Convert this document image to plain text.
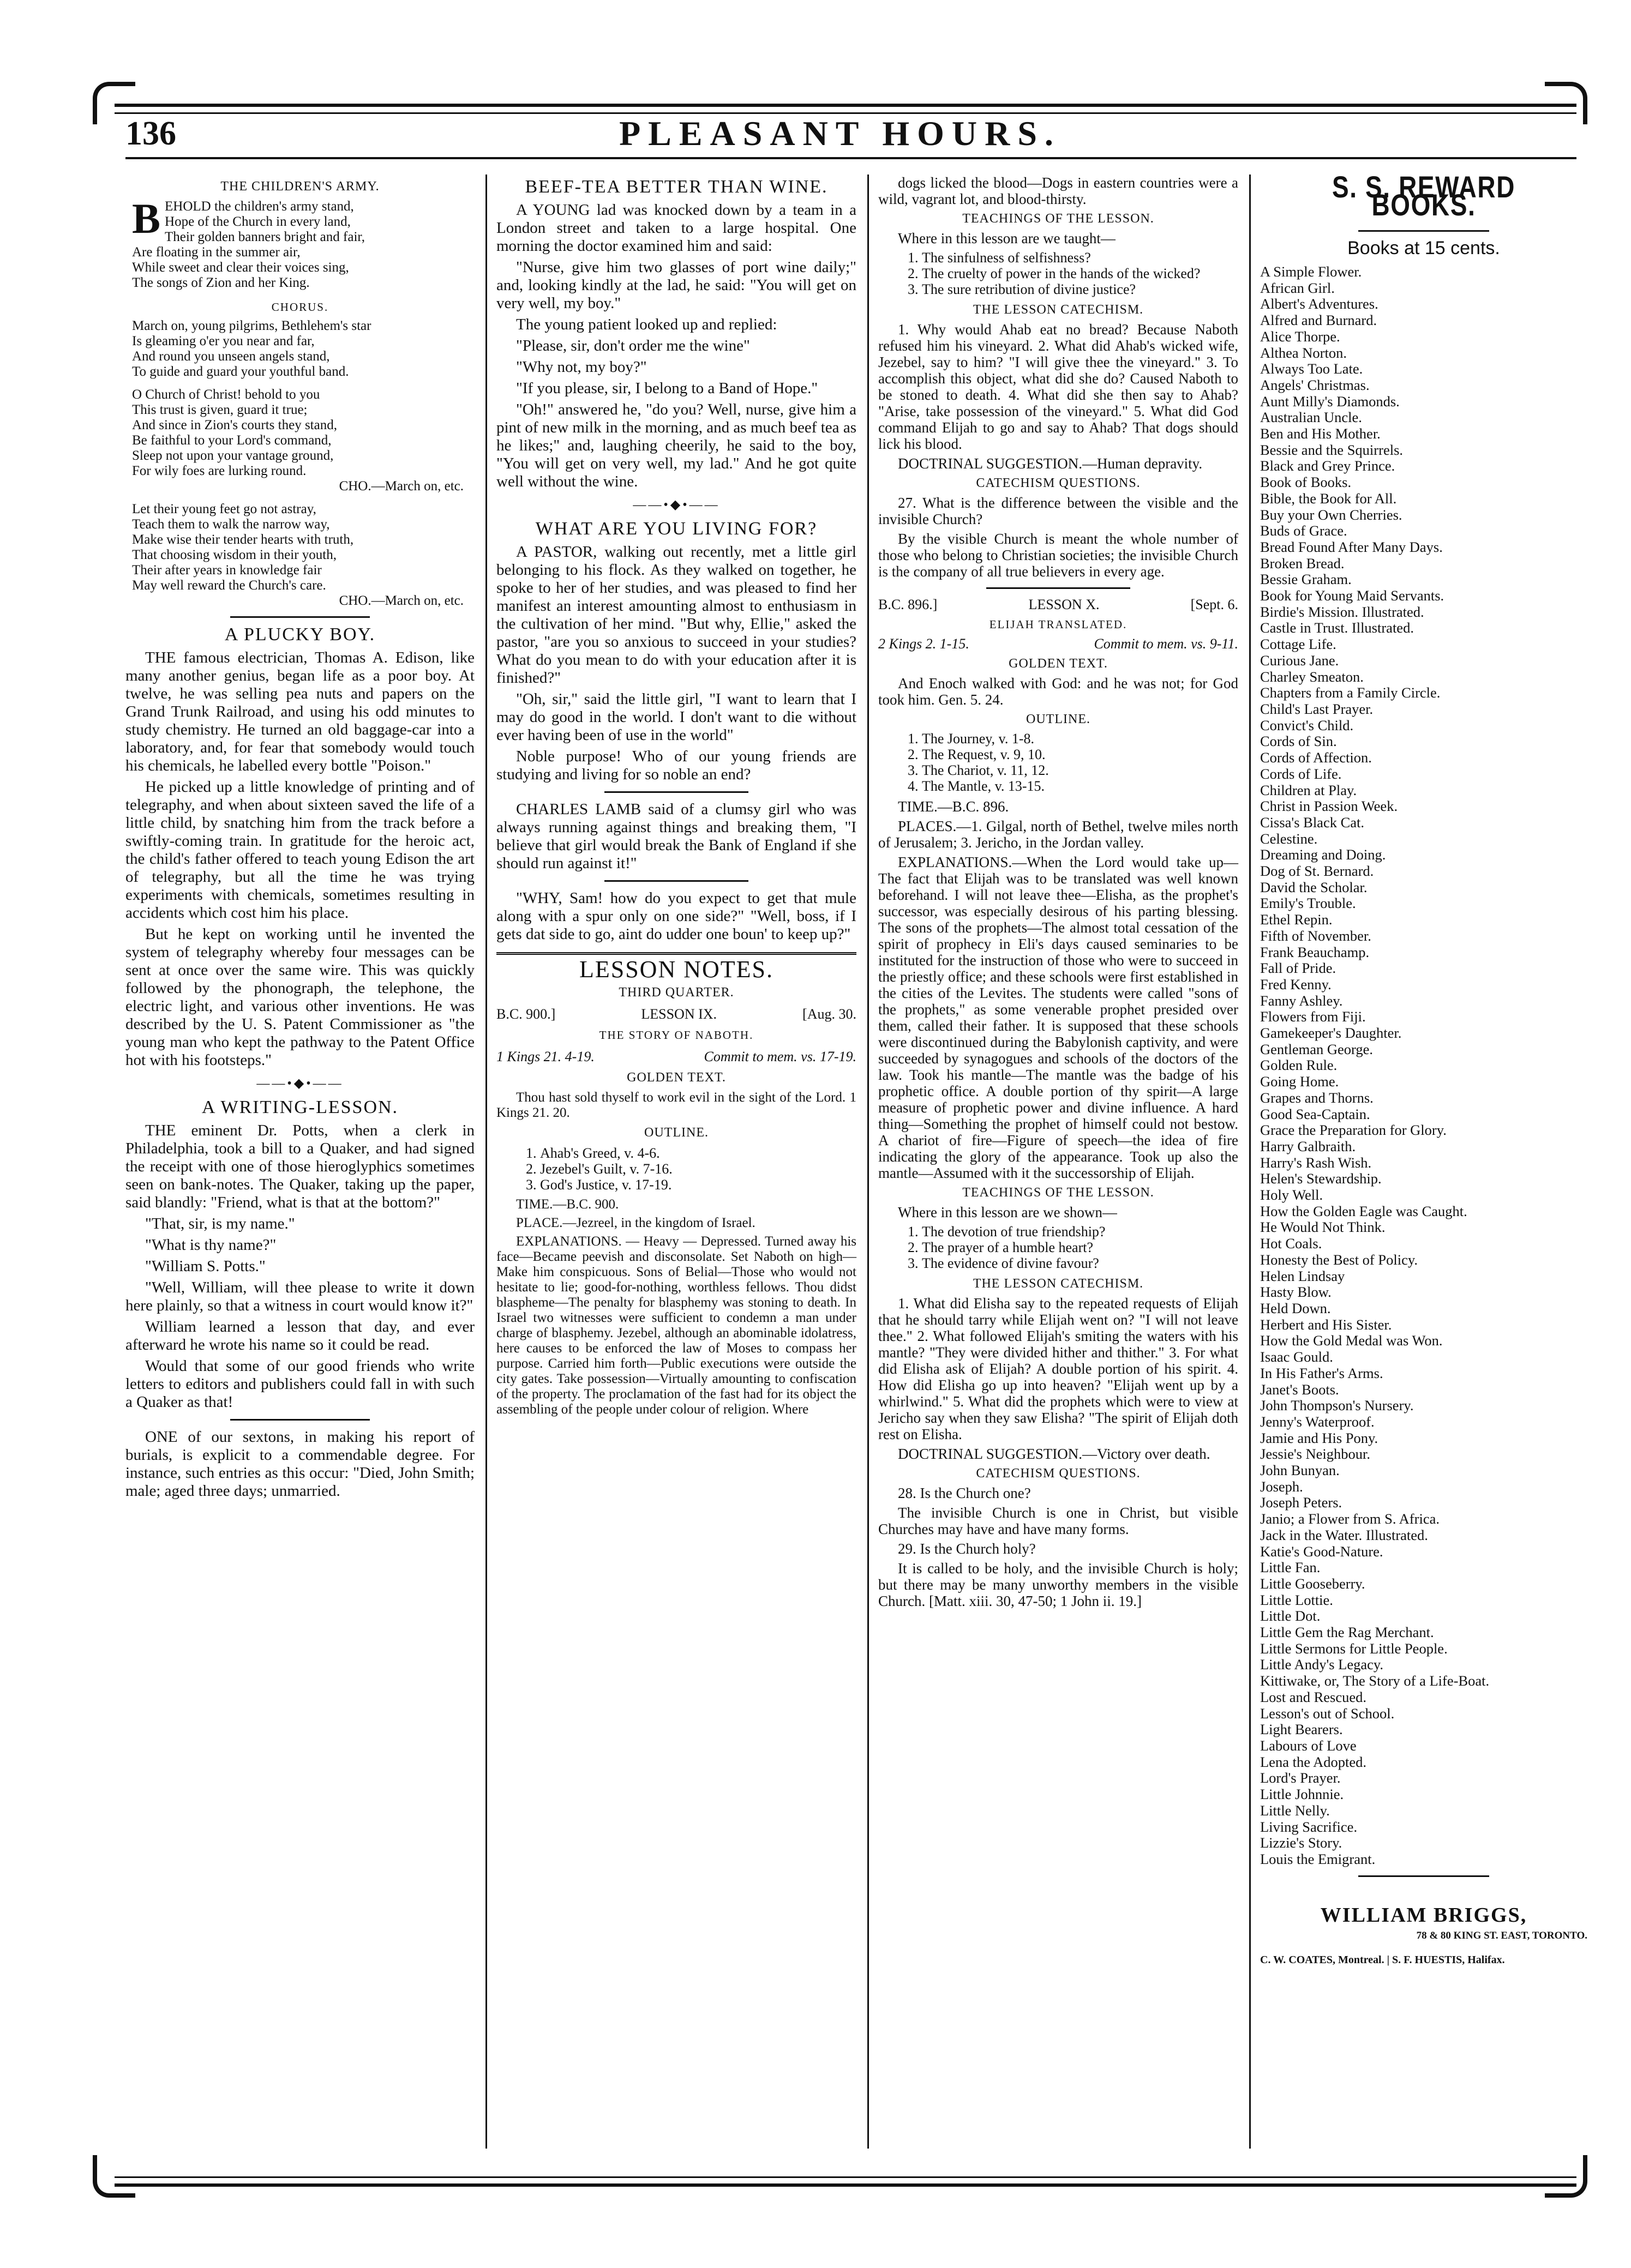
136	PLEASANT HOURS.
THE CHILDREN'S ARMY.
B EHOLD the children's army stand,
Hope of the Church in every land,
Their golden banners bright and fair,
Are floating in the summer air,
While sweet and clear their voices sing,
The songs of Zion and her King.
CHORUS.
March on, young pilgrims, Bethlehem's star
Is gleaming o'er you near and far,
And round you unseen angels stand,
To guide and guard your youthful band.
O Church of Christ! behold to you
This trust is given, guard it true;
And since in Zion's courts they stand,
Be faithful to your Lord's command,
Sleep not upon your vantage ground,
For wily foes are lurking round.
CHO.—March on, etc.
Let their young feet go not astray,
Teach them to walk the narrow way,
Make wise their tender hearts with truth,
That choosing wisdom in their youth,
Their after years in knowledge fair
May well reward the Church's care.
CHO.—March on, etc.
A PLUCKY BOY.

THE famous electrician, Thomas A. Edison, like many another genius, began life as a poor boy. At twelve, he was selling pea nuts and papers on the Grand Trunk Railroad, and using his odd minutes to study chemistry. He turned an old baggage-car into a laboratory, and, for fear that somebody would touch his chemicals, he labelled every bottle "Poison."

He picked up a little knowledge of printing and of telegraphy, and when about sixteen saved the life of a little child, by snatching him from the track before a swiftly-coming train. In gratitude for the heroic act, the child's father offered to teach young Edison the art of telegraphy, but all the time he was trying experiments with chemicals, sometimes resulting in accidents which cost him his place.

But he kept on working until he invented the system of telegraphy whereby four messages can be sent at once over the same wire. This was quickly followed by the phonograph, the telephone, the electric light, and various other inventions. He was described by the U. S. Patent Commissioner as "the young man who kept the pathway to the Patent Office hot with his footsteps."

——•◆•——
A WRITING-LESSON.

THE eminent Dr. Potts, when a clerk in Philadelphia, took a bill to a Quaker, and had signed the receipt with one of those hieroglyphics sometimes seen on bank-notes. The Quaker, taking up the paper, said blandly: "Friend, what is that at the bottom?"

"That, sir, is my name."

"What is thy name?"

"William S. Potts."

"Well, William, will thee please to write it down here plainly, so that a witness in court would know it?"

William learned a lesson that day, and ever afterward he wrote his name so it could be read.

Would that some of our good friends who write letters to editors and publishers could fall in with such a Quaker as that!

ONE of our sextons, in making his report of burials, is explicit to a commendable degree. For instance, such entries as this occur: "Died, John Smith; male; aged three days; unmarried.

BEEF-TEA BETTER THAN WINE.

A YOUNG lad was knocked down by a team in a London street and taken to a large hospital. One morning the doctor examined him and said:

"Nurse, give him two glasses of port wine daily;" and, looking kindly at the lad, he said: "You will get on very well, my boy."

The young patient looked up and replied:

"Please, sir, don't order me the wine"

"Why not, my boy?"

"If you please, sir, I belong to a Band of Hope."

"Oh!" answered he, "do you? Well, nurse, give him a pint of new milk in the morning, and as much beef tea as he likes;" and, laughing cheerily, he said to the boy, "You will get on very well, my lad." And he got quite well without the wine.

——•◆•——
WHAT ARE YOU LIVING FOR?

A PASTOR, walking out recently, met a little girl belonging to his flock. As they walked on together, he spoke to her of her studies, and was pleased to find her manifest an interest amounting almost to enthusiasm in the cultivation of her mind. "But why, Ellie," asked the pastor, "are you so anxious to succeed in your studies? What do you mean to do with your education after it is finished?"

"Oh, sir," said the little girl, "I want to learn that I may do good in the world. I don't want to die without ever having been of use in the world"

Noble purpose! Who of our young friends are studying and living for so noble an end?

CHARLES LAMB said of a clumsy girl who was always running against things and breaking them, "I believe that girl would break the Bank of England if she should run against it!"

"WHY, Sam! how do you expect to get that mule along with a spur only on one side?" "Well, boss, if I gets dat side to go, aint do udder one boun' to keep up?"

LESSON NOTES.
THIRD QUARTER.
B.C. 900.]	LESSON IX.	[Aug. 30.
THE STORY OF NABOTH.
1 Kings 21. 4-19.	Commit to mem. vs. 17-19.
GOLDEN TEXT.

Thou hast sold thyself to work evil in the sight of the Lord. 1 Kings 21. 20.

OUTLINE.
1. Ahab's Greed, v. 4-6.
2. Jezebel's Guilt, v. 7-16.
3. God's Justice, v. 17-19.

TIME.—B.C. 900.

PLACE.—Jezreel, in the kingdom of Israel.

EXPLANATIONS. — Heavy — Depressed. Turned away his face—Became peevish and disconsolate. Set Naboth on high—Make him conspicuous. Sons of Belial—Those who would not hesitate to lie; good-for-nothing, worthless fellows. Thou didst blaspheme—The penalty for blasphemy was stoning to death. In Israel two witnesses were sufficient to condemn a man under charge of blasphemy. Jezebel, although an abominable idolatress, here causes to be enforced the law of Moses to compass her purpose. Carried him forth—Public executions were outside the city gates. Take possession—Virtually amounting to confiscation of the property. The proclamation of the fast had for its object the assembling of the people under colour of religion. Where

dogs licked the blood—Dogs in eastern countries were a wild, vagrant lot, and blood-thirsty.

TEACHINGS OF THE LESSON.

Where in this lesson are we taught—

1. The sinfulness of selfishness?
2. The cruelty of power in the hands of the wicked?
3. The sure retribution of divine justice?
THE LESSON CATECHISM.

1. Why would Ahab eat no bread? Because Naboth refused him his vineyard. 2. What did Ahab's wicked wife, Jezebel, say to him? "I will give thee the vineyard." 3. To accomplish this object, what did she do? Caused Naboth to be stoned to death. 4. What did she then say to Ahab? "Arise, take possession of the vineyard." 5. What did God command Elijah to go and say to Ahab? That dogs should lick his blood.

DOCTRINAL SUGGESTION.—Human depravity.

CATECHISM QUESTIONS.

27. What is the difference between the visible and the invisible Church?

By the visible Church is meant the whole number of those who belong to Christian societies; the invisible Church is the company of all true believers in every age.

B.C. 896.]	LESSON X.	[Sept. 6.
ELIJAH TRANSLATED.
2 Kings 2. 1-15.	Commit to mem. vs. 9-11.
GOLDEN TEXT.

And Enoch walked with God: and he was not; for God took him. Gen. 5. 24.

OUTLINE.
1. The Journey, v. 1-8.
2. The Request, v. 9, 10.
3. The Chariot, v. 11, 12.
4. The Mantle, v. 13-15.

TIME.—B.C. 896.

PLACES.—1. Gilgal, north of Bethel, twelve miles north of Jerusalem; 3. Jericho, in the Jordan valley.

EXPLANATIONS.—When the Lord would take up—The fact that Elijah was to be translated was well known beforehand. I will not leave thee—Elisha, as the prophet's successor, was especially desirous of his parting blessing. The sons of the prophets—The almost total cessation of the spirit of prophecy in Eli's days caused seminaries to be instituted for the instruction of those who were to succeed in the priestly office; and these schools were first established in the cities of the Levites. The students were called "sons of the prophets," as some venerable prophet presided over them, called their father. It is supposed that these schools were discontinued during the Babylonish captivity, and were succeeded by synagogues and schools of the doctors of the law. Took his mantle—The mantle was the badge of his prophetic office. A double portion of thy spirit—A large measure of prophetic power and divine influence. A hard thing—Something the prophet of himself could not bestow. A chariot of fire—Figure of speech—the idea of fire indicating the glory of the appearance. Took up also the mantle—Assumed with it the successorship of Elijah.

TEACHINGS OF THE LESSON.

Where in this lesson are we shown—

1. The devotion of true friendship?
2. The prayer of a humble heart?
3. The evidence of divine favour?
THE LESSON CATECHISM.

1. What did Elisha say to the repeated requests of Elijah that he should tarry while Elijah went on? "I will not leave thee." 2. What followed Elijah's smiting the waters with his mantle? "They were divided hither and thither." 3. For what did Elisha ask of Elijah? A double portion of his spirit. 4. How did Elisha go up into heaven? "Elijah went up by a whirlwind." 5. What did the prophets which were to view at Jericho say when they saw Elisha? "The spirit of Elijah doth rest on Elisha.

DOCTRINAL SUGGESTION.—Victory over death.

CATECHISM QUESTIONS.

28. Is the Church one?

The invisible Church is one in Christ, but visible Churches may have and have many forms.

29. Is the Church holy?

It is called to be holy, and the invisible Church is holy; but there may be many unworthy members in the visible Church. [Matt. xiii. 30, 47-50; 1 John ii. 19.]

S. S. REWARD BOOKS.
Books at 15 cents.
A Simple Flower.
African Girl.
Albert's Adventures.
Alfred and Burnard.
Alice Thorpe.
Althea Norton.
Always Too Late.
Angels' Christmas.
Aunt Milly's Diamonds.
Australian Uncle.
Ben and His Mother.
Bessie and the Squirrels.
Black and Grey Prince.
Book of Books.
Bible, the Book for All.
Buy your Own Cherries.
Buds of Grace.
Bread Found After Many Days.
Broken Bread.
Bessie Graham.
Book for Young Maid Servants.
Birdie's Mission. Illustrated.
Castle in Trust. Illustrated.
Cottage Life.
Curious Jane.
Charley Smeaton.
Chapters from a Family Circle.
Child's Last Prayer.
Convict's Child.
Cords of Sin.
Cords of Affection.
Cords of Life.
Children at Play.
Christ in Passion Week.
Cissa's Black Cat.
Celestine.
Dreaming and Doing.
Dog of St. Bernard.
David the Scholar.
Emily's Trouble.
Ethel Repin.
Fifth of November.
Frank Beauchamp.
Fall of Pride.
Fred Kenny.
Fanny Ashley.
Flowers from Fiji.
Gamekeeper's Daughter.
Gentleman George.
Golden Rule.
Going Home.
Grapes and Thorns.
Good Sea-Captain.
Grace the Preparation for Glory.
Harry Galbraith.
Harry's Rash Wish.
Helen's Stewardship.
Holy Well.
How the Golden Eagle was Caught.
He Would Not Think.
Hot Coals.
Honesty the Best of Policy.
Helen Lindsay
Hasty Blow.
Held Down.
Herbert and His Sister.
How the Gold Medal was Won.
Isaac Gould.
In His Father's Arms.
Janet's Boots.
John Thompson's Nursery.
Jenny's Waterproof.
Jamie and His Pony.
Jessie's Neighbour.
John Bunyan.
Joseph.
Joseph Peters.
Janio; a Flower from S. Africa.
Jack in the Water. Illustrated.
Katie's Good-Nature.
Little Fan.
Little Gooseberry.
Little Lottie.
Little Dot.
Little Gem the Rag Merchant.
Little Sermons for Little People.
Little Andy's Legacy.
Kittiwake, or, The Story of a Life-Boat.
Lost and Rescued.
Lesson's out of School.
Light Bearers.
Labours of Love
Lena the Adopted.
Lord's Prayer.
Little Johnnie.
Little Nelly.
Living Sacrifice.
Lizzie's Story.
Louis the Emigrant.
WILLIAM BRIGGS,
78 & 80 KING ST. EAST, TORONTO.
C. W. COATES, Montreal. | S. F. HUESTIS, Halifax.
